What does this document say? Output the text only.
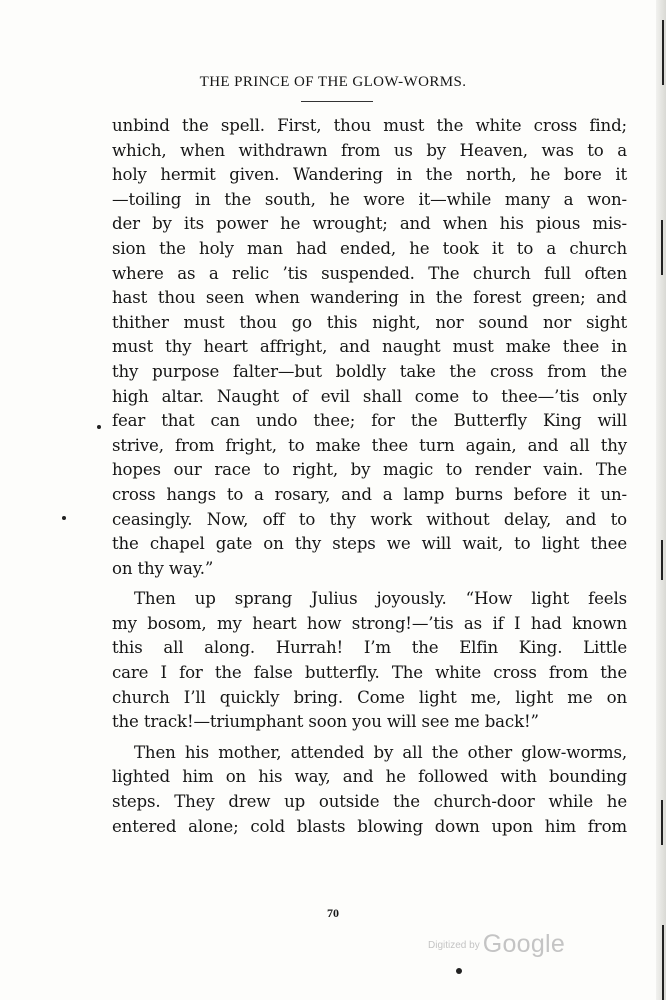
THE PRINCE OF THE GLOW-WORMS.
unbind the spell. First, thou must the white cross find;
which, when withdrawn from us by Heaven, was to a
holy hermit given. Wandering in the north, he bore it
—toiling in the south, he wore it—while many a won-
der by its power he wrought; and when his pious mis-
sion the holy man had ended, he took it to a church
where as a relic ’tis suspended. The church full often
hast thou seen when wandering in the forest green; and
thither must thou go this night, nor sound nor sight
must thy heart affright, and naught must make thee in
thy purpose falter—but boldly take the cross from the
high altar. Naught of evil shall come to thee—’tis only
fear that can undo thee; for the Butterfly King will
strive, from fright, to make thee turn again, and all thy
hopes our race to right, by magic to render vain. The
cross hangs to a rosary, and a lamp burns before it un-
ceasingly. Now, off to thy work without delay, and to
the chapel gate on thy steps we will wait, to light thee
on thy way.”
Then up sprang Julius joyously. “How light feels
my bosom, my heart how strong!—’tis as if I had known
this all along. Hurrah! I’m the Elfin King. Little
care I for the false butterfly. The white cross from the
church I’ll quickly bring. Come light me, light me on
the track!—triumphant soon you will see me back!”
Then his mother, attended by all the other glow-worms,
lighted him on his way, and he followed with bounding
steps. They drew up outside the church-door while he
entered alone; cold blasts blowing down upon him from
70
$^{Digitized by}$ Google
